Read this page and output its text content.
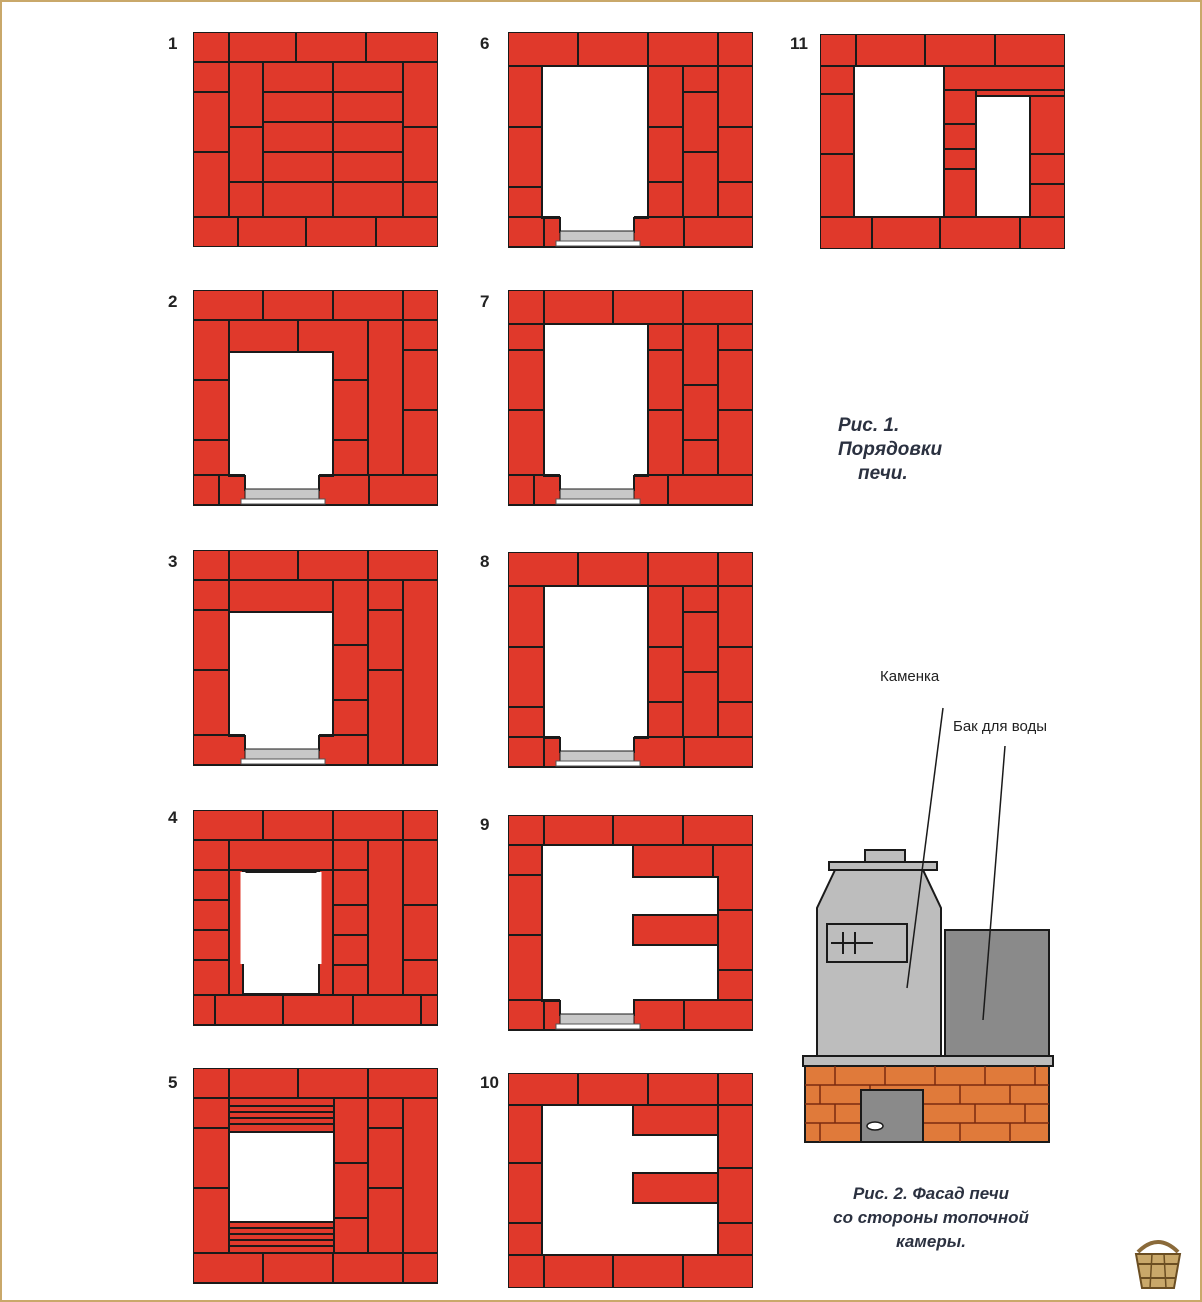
1
2
3
4
5
6
7
8
9
10
11
Рис. 1.
Порядовки
печи.
Каменка
Бак для воды
Рис. 2. Фасад печи
со стороны топочной
камеры.
